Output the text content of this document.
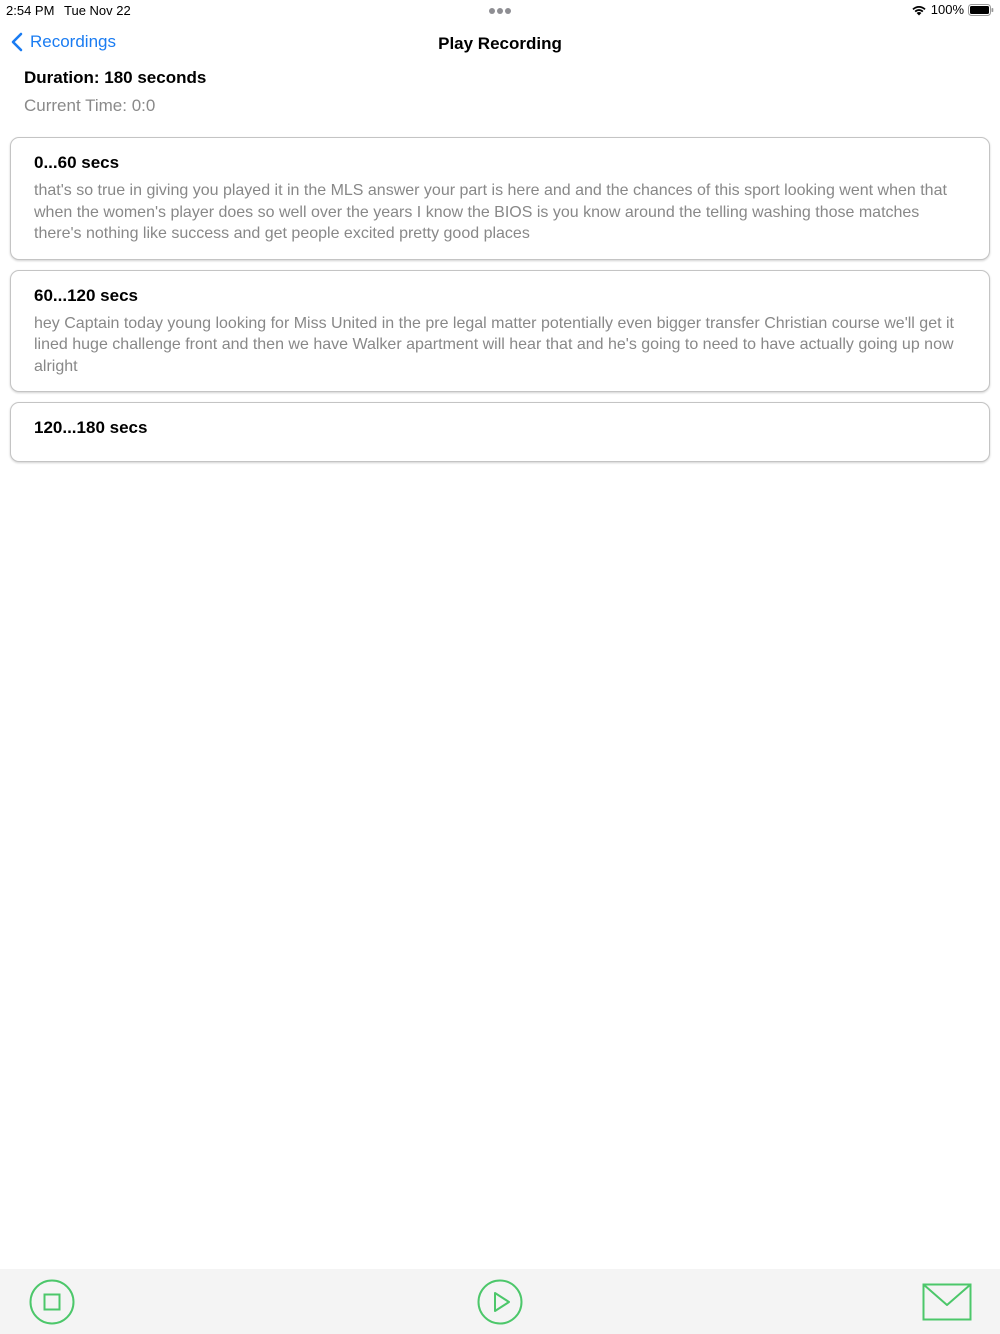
2:54 PM Tue Nov 22	100%
Recordings	Play Recording
Duration: 180 seconds
Current Time: 0:0
0...60 secs
that's so true in giving you played it in the MLS answer your part is here and and the chances of this sport looking went when that when the women's player does so well over the years I know the BIOS is you know around the telling washing those matches there's nothing like success and get people excited pretty good places
60...120 secs
hey Captain today young looking for Miss United in the pre legal matter potentially even bigger transfer Christian course we'll get it lined huge challenge front and then we have Walker apartment will hear that and he's going to need to have actually going up now alright
120...180 secs
